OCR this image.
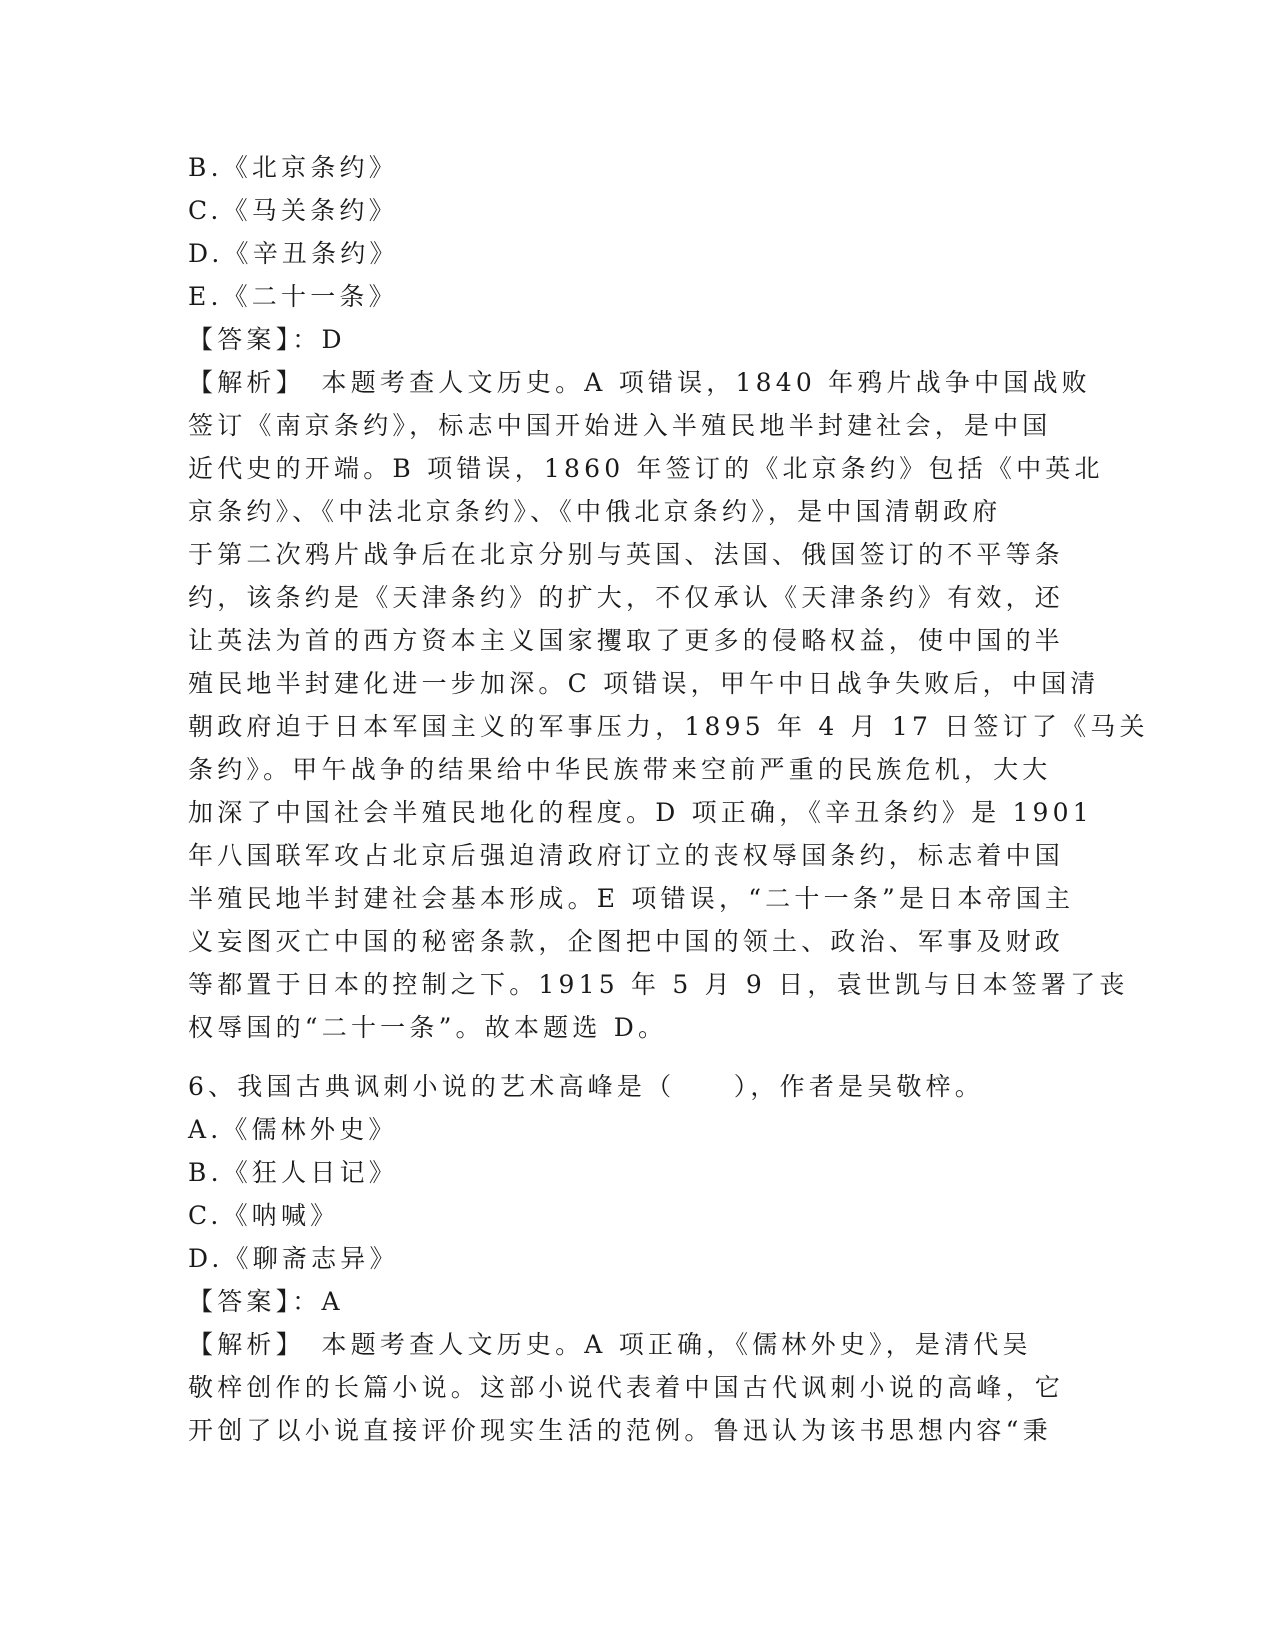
B.《北京条约》
C.《马关条约》
D.《辛丑条约》
E.《二十一条》
【答案】：D
【解析】　本题考查人文历史。A 项错误，1840 年鸦片战争中国战败
签订《南京条约》，标志中国开始进入半殖民地半封建社会，是中国
近代史的开端。B 项错误，1860 年签订的《北京条约》包括《中英北
京条约》、《中法北京条约》、《中俄北京条约》，是中国清朝政府
于第二次鸦片战争后在北京分别与英国、法国、俄国签订的不平等条
约，该条约是《天津条约》的扩大，不仅承认《天津条约》有效，还
让英法为首的西方资本主义国家攫取了更多的侵略权益，使中国的半
殖民地半封建化进一步加深。C 项错误，甲午中日战争失败后，中国清
朝政府迫于日本军国主义的军事压力，1895 年 4 月 17 日签订了《马关
条约》。甲午战争的结果给中华民族带来空前严重的民族危机，大大
加深了中国社会半殖民地化的程度。D 项正确，《辛丑条约》是 1901
年八国联军攻占北京后强迫清政府订立的丧权辱国条约，标志着中国
半殖民地半封建社会基本形成。E 项错误，“二十一条”是日本帝国主
义妄图灭亡中国的秘密条款，企图把中国的领土、政治、军事及财政
等都置于日本的控制之下。1915 年 5 月 9 日，袁世凯与日本签署了丧
权辱国的“二十一条”。故本题选 D。
6、我国古典讽刺小说的艺术高峰是（　　），作者是吴敬梓。
A.《儒林外史》
B.《狂人日记》
C.《呐喊》
D.《聊斋志异》
【答案】：A
【解析】　本题考查人文历史。A 项正确，《儒林外史》，是清代吴
敬梓创作的长篇小说。这部小说代表着中国古代讽刺小说的高峰，它
开创了以小说直接评价现实生活的范例。鲁迅认为该书思想内容“秉
